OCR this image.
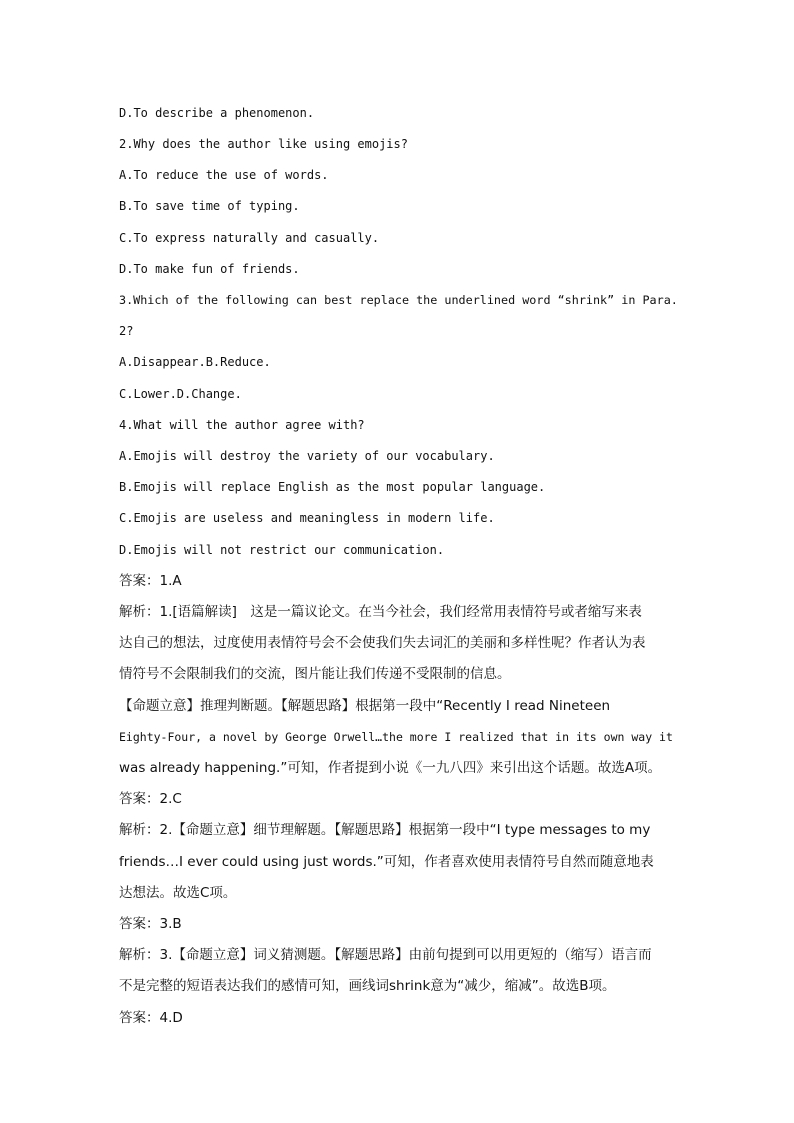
D.To describe a phenomenon.
2.Why does the author like using emojis?
A.To reduce the use of words.
B.To save time of typing.
C.To express naturally and casually.
D.To make fun of friends.
3.Which of the following can best replace the underlined word “shrink” in Para.
2?
A.Disappear.B.Reduce.
C.Lower.D.Change.
4.What will the author agree with?
A.Emojis will destroy the variety of our vocabulary.
B.Emojis will replace English as the most popular language.
C.Emojis are useless and meaningless in modern life.
D.Emojis will not restrict our communication.
答案：1.A
解析：1.[语篇解读]　这是一篇议论文。在当今社会，我们经常用表情符号或者缩写来表
达自己的想法，过度使用表情符号会不会使我们失去词汇的美丽和多样性呢？作者认为表
情符号不会限制我们的交流，图片能让我们传递不受限制的信息。
【命题立意】推理判断题。【解题思路】根据第一段中“Recently I read Nineteen
Eighty-Four, a novel by George Orwell…the more I realized that in its own way it
was already happening.”可知，作者提到小说《一九八四》来引出这个话题。故选A项。
答案：2.C
解析：2.【命题立意】细节理解题。【解题思路】根据第一段中“I type messages to my
friends…I ever could using just words.”可知，作者喜欢使用表情符号自然而随意地表
达想法。故选C项。
答案：3.B
解析：3.【命题立意】词义猜测题。【解题思路】由前句提到可以用更短的（缩写）语言而
不是完整的短语表达我们的感情可知，画线词shrink意为“减少，缩减”。故选B项。
答案：4.D
